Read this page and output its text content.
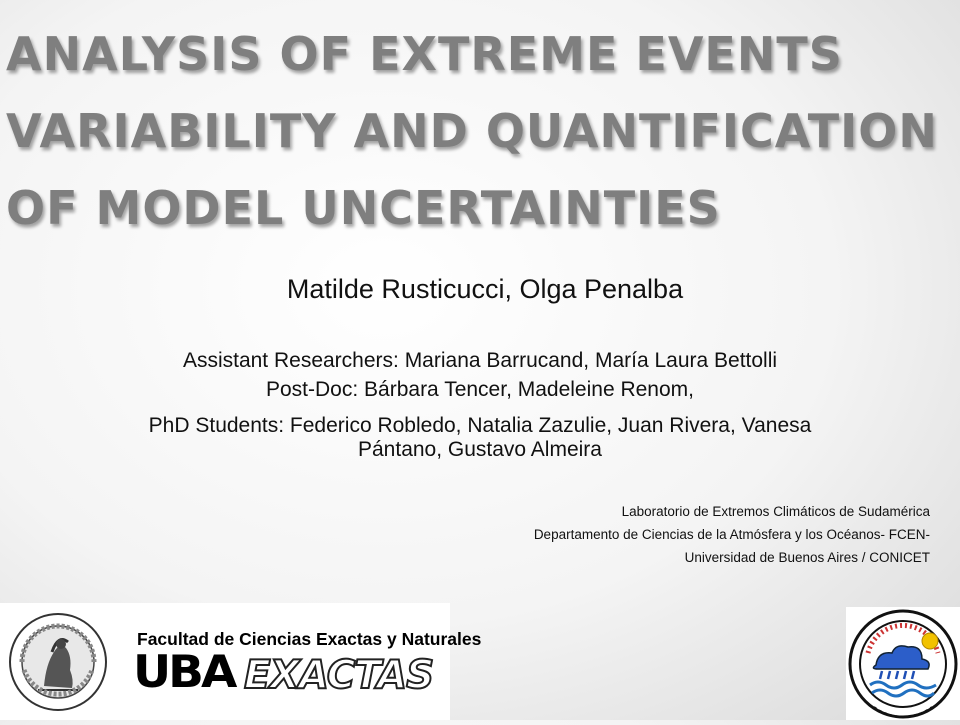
ANALYSIS OF EXTREME EVENTS
VARIABILITY AND QUANTIFICATION
OF MODEL UNCERTAINTIES
Matilde Rusticucci, Olga Penalba
Assistant Researchers: Mariana Barrucand, María Laura Bettolli
Post-Doc: Bárbara Tencer, Madeleine Renom,
PhD Students: Federico Robledo, Natalia Zazulie, Juan Rivera, Vanesa
Pántano, Gustavo Almeira
Laboratorio de Extremos Climáticos de Sudamérica
Departamento de Ciencias de la Atmósfera y los Océanos- FCEN-
Universidad de Buenos Aires / CONICET
Facultad de Ciencias Exactas y Naturales
UBA EXACTAS
